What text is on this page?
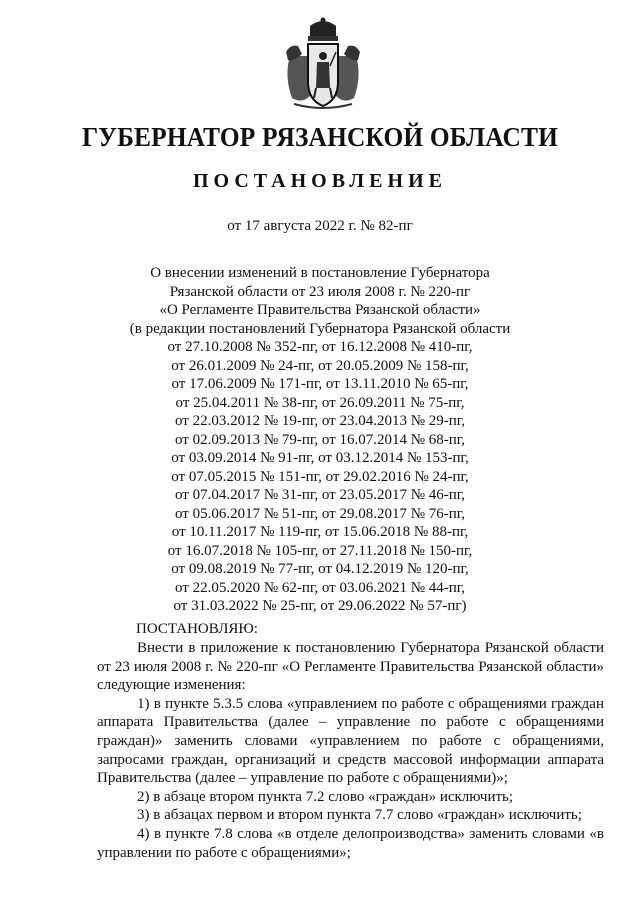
ГУБЕРНАТОР РЯЗАНСКОЙ ОБЛАСТИ
ПОСТАНОВЛЕНИЕ
от 17 августа 2022 г. № 82-пг
О внесении изменений в постановление Губернатора
Рязанской области от 23 июля 2008 г. № 220-пг
«О Регламенте Правительства Рязанской области»
(в редакции постановлений Губернатора Рязанской области
от 27.10.2008 № 352-пг, от 16.12.2008 № 410-пг,
от 26.01.2009 № 24-пг, от 20.05.2009 № 158-пг,
от 17.06.2009 № 171-пг, от 13.11.2010 № 65-пг,
от 25.04.2011 № 38-пг, от 26.09.2011 № 75-пг,
от 22.03.2012 № 19-пг, от 23.04.2013 № 29-пг,
от 02.09.2013 № 79-пг, от 16.07.2014 № 68-пг,
от 03.09.2014 № 91-пг, от 03.12.2014 № 153-пг,
от 07.05.2015 № 151-пг, от 29.02.2016 № 24-пг,
от 07.04.2017 № 31-пг, от 23.05.2017 № 46-пг,
от 05.06.2017 № 51-пг, от 29.08.2017 № 76-пг,
от 10.11.2017 № 119-пг, от 15.06.2018 № 88-пг,
от 16.07.2018 № 105-пг, от 27.11.2018 № 150-пг,
от 09.08.2019 № 77-пг, от 04.12.2019 № 120-пг,
от 22.05.2020 № 62-пг, от 03.06.2021 № 44-пг,
от 31.03.2022 № 25-пг, от 29.06.2022 № 57-пг)
ПОСТАНОВЛЯЮ:

Внести в приложение к постановлению Губернатора Рязанской области от 23 июля 2008 г. № 220-пг «О Регламенте Правительства Рязанской области» следующие изменения:

1) в пункте 5.3.5 слова «управлением по работе с обращениями граждан аппарата Правительства (далее – управление по работе с обращениями граждан)» заменить словами «управлением по работе с обращениями, запросами граждан, организаций и средств массовой информации аппарата Правительства (далее – управление по работе с обращениями)»;

2) в абзаце втором пункта 7.2 слово «граждан» исключить;

3) в абзацах первом и втором пункта 7.7 слово «граждан» исключить;

4) в пункте 7.8 слова «в отделе делопроизводства» заменить словами «в управлении по работе с обращениями»;
